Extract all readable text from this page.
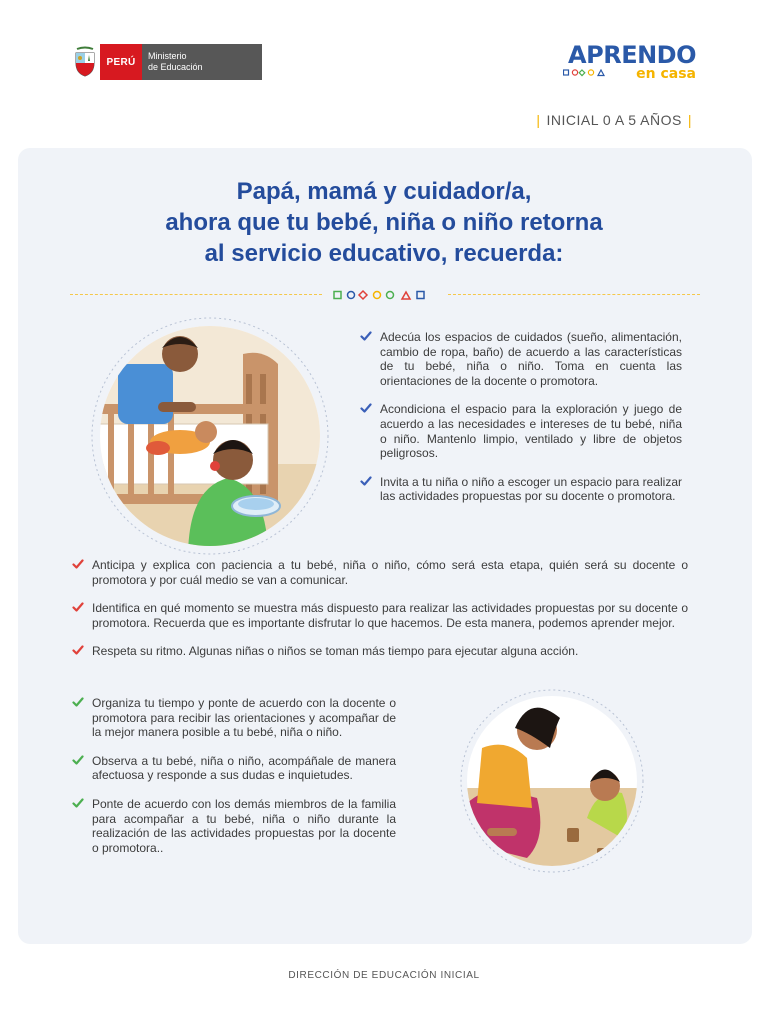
PERÚ
Ministerio
de Educación	APRENDO
en casa
| INICIAL 0 A 5 AÑOS |
Papá, mamá y cuidador/a,
ahora que tu bebé, niña o niño retorna
al servicio educativo, recuerda:
Adecúa los espacios de cuidados (sueño, alimentación, cambio de ropa, baño) de acuerdo a las características de tu bebé, niña o niño. Toma en cuenta las orientaciones de la docente o promotora.
Acondiciona el espacio para la exploración y juego de acuerdo a las necesidades e intereses de tu bebé, niña o niño. Mantenlo limpio, ventilado y libre de objetos peligrosos.
Invita a tu niña o niño a escoger un espacio para realizar las actividades propuestas por su docente o promotora.
Anticipa y explica con paciencia a tu bebé, niña o niño, cómo será esta etapa, quién será su docente o promotora y por cuál medio se van a comunicar.
Identifica en qué momento se muestra más dispuesto para realizar las actividades propuestas por su docente o promotora. Recuerda que es importante disfrutar lo que hacemos. De esta manera, podemos aprender mejor.
Respeta su ritmo. Algunas niñas o niños se toman más tiempo para ejecutar alguna acción.
Organiza tu tiempo y ponte de acuerdo con la docente o promotora para recibir las orientaciones y acompañar de la mejor manera posible a tu bebé, niña o niño.
Observa a tu bebé, niña o niño, acompáñale de manera afectuosa y responde a sus dudas e inquietudes.
Ponte de acuerdo con los demás miembros de la familia para acompañar a tu bebé, niña o niño durante la realización de las actividades propuestas por la docente o promotora..
DIRECCIÓN DE EDUCACIÓN INICIAL
